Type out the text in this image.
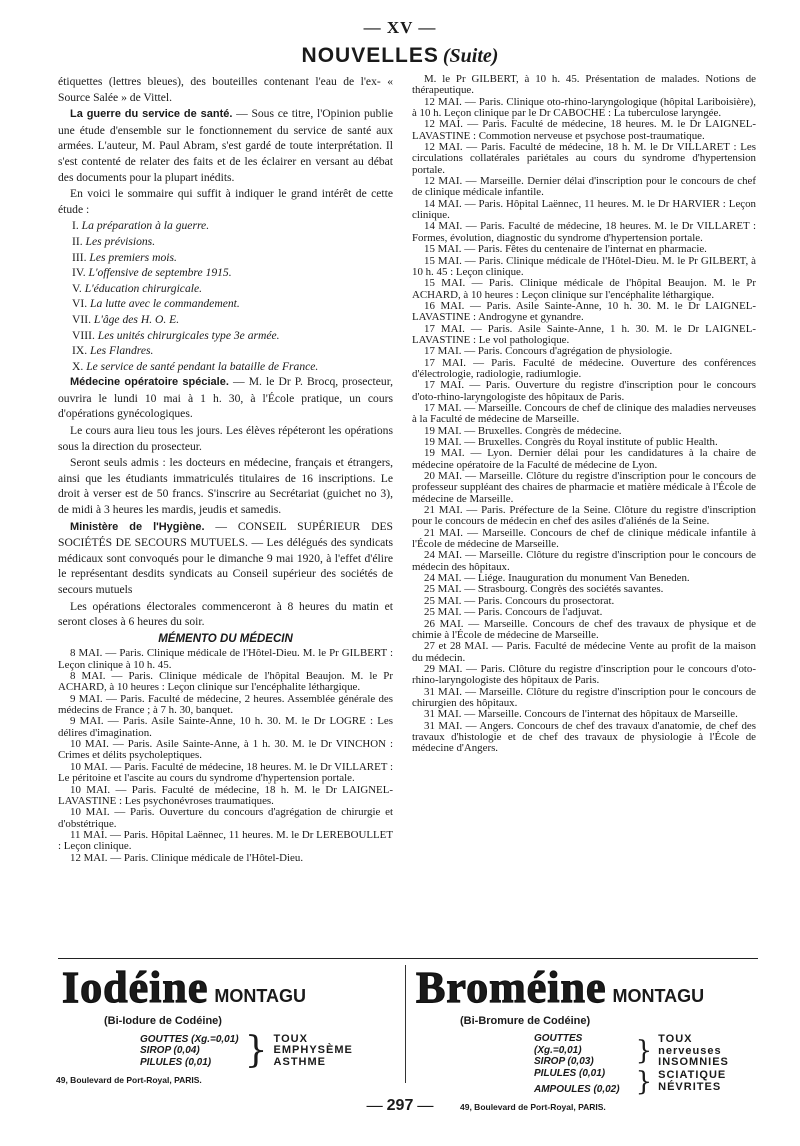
— XV —
NOUVELLES (Suite)

étiquettes (lettres bleues), des bouteilles contenant l'eau de l'ex- « Source Salée » de Vittel.

La guerre du service de santé. — Sous ce titre, l'Opinion publie une étude d'ensemble sur le fonctionnement du service de santé aux armées. L'auteur, M. Paul Abram, s'est gardé de toute interprétation. Il s'est contenté de relater des faits et de les éclairer en versant au débat des documents pour la plupart inédits.

En voici le sommaire qui suffit à indiquer le grand intérêt de cette étude :

I. La préparation à la guerre.
II. Les prévisions.
III. Les premiers mois.
IV. L'offensive de septembre 1915.
V. L'éducation chirurgicale.
VI. La lutte avec le commandement.
VII. L'âge des H. O. E.
VIII. Les unités chirurgicales type 3e armée.
IX. Les Flandres.
X. Le service de santé pendant la bataille de France.

Médecine opératoire spéciale. — M. le Dr P. Brocq, prosecteur, ouvrira le lundi 10 mai à 1 h. 30, à l'École pratique, un cours d'opérations gynécologiques.

Le cours aura lieu tous les jours. Les élèves répéteront les opérations sous la direction du prosecteur.

Seront seuls admis : les docteurs en médecine, français et étrangers, ainsi que les étudiants immatriculés titulaires de 16 inscriptions. Le droit à verser est de 50 francs. S'inscrire au Secrétariat (guichet no 3), de midi à 3 heures les mardis, jeudis et samedis.

Ministère de l'Hygiène. — CONSEIL SUPÉRIEUR DES SOCIÉTÉS DE SECOURS MUTUELS. — Les délégués des syndicats médicaux sont convoqués pour le dimanche 9 mai 1920, à l'effet d'élire le représentant desdits syndicats au Conseil supérieur des sociétés de secours mutuels

Les opérations électorales commenceront à 8 heures du matin et seront closes à 6 heures du soir.

MÉMENTO DU MÉDECIN

8 MAI. — Paris. Clinique médicale de l'Hôtel-Dieu. M. le Pr GILBERT : Leçon clinique à 10 h. 45.

8 MAI. — Paris. Clinique médicale de l'hôpital Beaujon. M. le Pr ACHARD, à 10 heures : Leçon clinique sur l'encéphalite léthargique.

9 MAI. — Paris. Faculté de médecine, 2 heures. Assemblée générale des médecins de France ; à 7 h. 30, banquet.

9 MAI. — Paris. Asile Sainte-Anne, 10 h. 30. M. le Dr LOGRE : Les délires d'imagination.

10 MAI. — Paris. Asile Sainte-Anne, à 1 h. 30. M. le Dr VINCHON : Crimes et délits psycholeptiques.

10 MAI. — Paris. Faculté de médecine, 18 heures. M. le Dr VILLARET : Le péritoine et l'ascite au cours du syndrome d'hypertension portale.

10 MAI. — Paris. Faculté de médecine, 18 h. M. le Dr LAIGNEL-LAVASTINE : Les psychonévroses traumatiques.

10 MAI. — Paris. Ouverture du concours d'agrégation de chirurgie et d'obstétrique.

11 MAI. — Paris. Hôpital Laënnec, 11 heures. M. le Dr LEREBOULLET : Leçon clinique.

12 MAI. — Paris. Clinique médicale de l'Hôtel-Dieu.

M. le Pr GILBERT, à 10 h. 45. Présentation de malades. Notions de thérapeutique.

12 MAI. — Paris. Clinique oto-rhino-laryngologique (hôpital Lariboisière), à 10 h. Leçon clinique par le Dr CABOCHE : La tuberculose laryngée.

12 MAI. — Paris. Faculté de médecine, 18 heures. M. le Dr LAIGNEL-LAVASTINE : Commotion nerveuse et psychose post-traumatique.

12 MAI. — Paris. Faculté de médecine, 18 h. M. le Dr VILLARET : Les circulations collatérales pariétales au cours du syndrome d'hypertension portale.

12 MAI. — Marseille. Dernier délai d'inscription pour le concours de chef de clinique médicale infantile.

14 MAI. — Paris. Hôpital Laënnec, 11 heures. M. le Dr HARVIER : Leçon clinique.

14 MAI. — Paris. Faculté de médecine, 18 heures. M. le Dr VILLARET : Formes, évolution, diagnostic du syndrome d'hypertension portale.

15 MAI. — Paris. Fêtes du centenaire de l'internat en pharmacie.

15 MAI. — Paris. Clinique médicale de l'Hôtel-Dieu. M. le Pr GILBERT, à 10 h. 45 : Leçon clinique.

15 MAI. — Paris. Clinique médicale de l'hôpital Beaujon. M. le Pr ACHARD, à 10 heures : Leçon clinique sur l'encéphalite léthargique.

16 MAI. — Paris. Asile Sainte-Anne, 10 h. 30. M. le Dr LAIGNEL-LAVASTINE : Androgyne et gynandre.

17 MAI. — Paris. Asile Sainte-Anne, 1 h. 30. M. le Dr LAIGNEL-LAVASTINE : Le vol pathologique.

17 MAI. — Paris. Concours d'agrégation de physiologie.

17 MAI. — Paris. Faculté de médecine. Ouverture des conférences d'électrologie, radiologie, radiumlogie.

17 MAI. — Paris. Ouverture du registre d'inscription pour le concours d'oto-rhino-laryngologiste des hôpitaux de Paris.

17 MAI. — Marseille. Concours de chef de clinique des maladies nerveuses à la Faculté de médecine de Marseille.

19 MAI. — Bruxelles. Congrès de médecine.

19 MAI. — Bruxelles. Congrès du Royal institute of public Health.

19 MAI. — Lyon. Dernier délai pour les candidatures à la chaire de médecine opératoire de la Faculté de médecine de Lyon.

20 MAI. — Marseille. Clôture du registre d'inscription pour le concours de professeur suppléant des chaires de pharmacie et matière médicale à l'École de médecine de Marseille.

21 MAI. — Paris. Préfecture de la Seine. Clôture du registre d'inscription pour le concours de médecin en chef des asiles d'aliénés de la Seine.

21 MAI. — Marseille. Concours de chef de clinique médicale infantile à l'École de médecine de Marseille.

24 MAI. — Marseille. Clôture du registre d'inscription pour le concours de médecin des hôpitaux.

24 MAI. — Liége. Inauguration du monument Van Beneden.

25 MAI. — Strasbourg. Congrès des sociétés savantes.

25 MAI. — Paris. Concours du prosectorat.

25 MAI. — Paris. Concours de l'adjuvat.

26 MAI. — Marseille. Concours de chef des travaux de physique et de chimie à l'École de médecine de Marseille.

27 et 28 MAI. — Paris. Faculté de médecine Vente au profit de la maison du médecin.

29 MAI. — Paris. Clôture du registre d'inscription pour le concours d'oto-rhino-laryngologiste des hôpitaux de Paris.

31 MAI. — Marseille. Clôture du registre d'inscription pour le concours de chirurgien des hôpitaux.

31 MAI. — Marseille. Concours de l'internat des hôpitaux de Marseille.

31 MAI. — Angers. Concours de chef des travaux d'anatomie, de chef des travaux d'histologie et de chef des travaux de physiologie à l'École de médecine d'Angers.

Iodéine MONTAGU
(Bi-Iodure de Codéine)
GOUTTES (Xg.=0,01)
SIROP (0,04)
PILULES (0,01) } TOUX
EMPHYSÈME
ASTHME
49, Boulevard de Port-Royal, PARIS.
Broméine MONTAGU
(Bi-Bromure de Codéine)
GOUTTES (Xg.=0,01)
SIROP (0,03)
PILULES (0,01)
AMPOULES (0,02)
} TOUX nerveuses
INSOMNIES
} SCIATIQUE
NÉVRITES
49, Boulevard de Port-Royal, PARIS.
— 297 —
